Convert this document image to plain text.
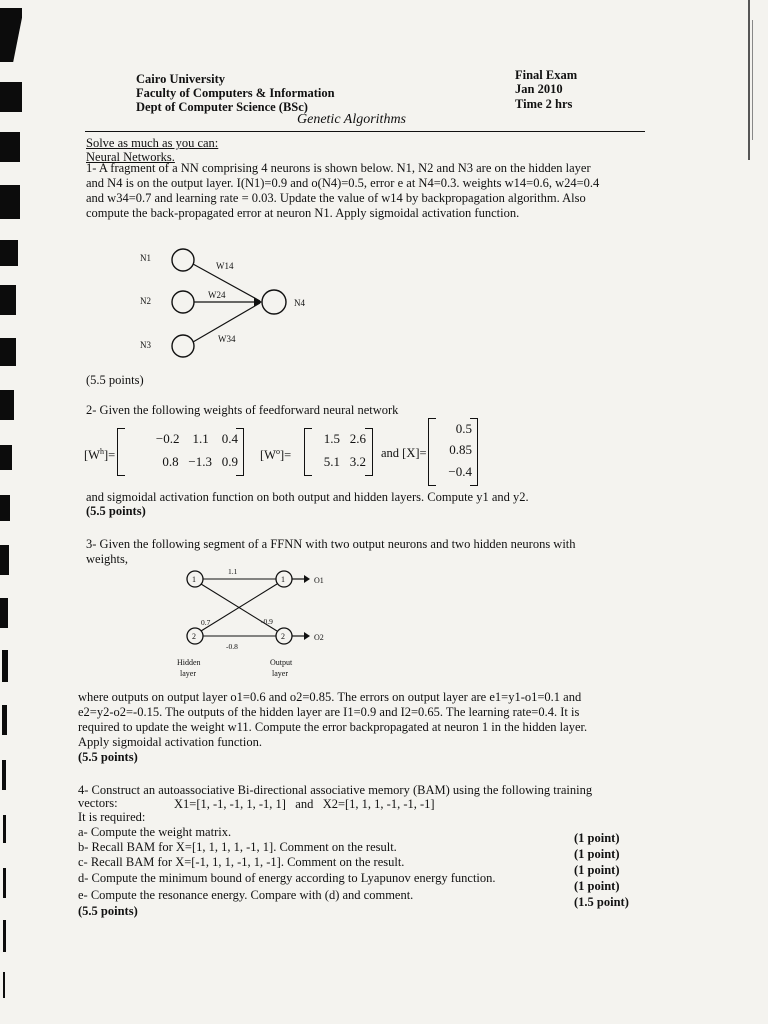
Cairo University
Faculty of Computers & Information
Dept of Computer Science (BSc)
Final Exam
Jan 2010
Time 2 hrs
Genetic Algorithms
Solve as much as you can:
Neural Networks.
1- A fragment of a NN comprising 4 neurons is shown below. N1, N2 and N3 are on the hidden layer
and N4 is on the output layer. I(N1)=0.9 and o(N4)=0.5, error e at N4=0.3. weights w14=0.6, w24=0.4
and w34=0.7 and learning rate = 0.03. Update the value of w14 by backpropagation algorithm. Also
compute the back-propagated error at neuron N1. Apply sigmoidal activation function.
N1
N2
N3
N4
W14
W24
W34
(5.5 points)
2- Given the following weights of feedforward neural network
$[W^h]=$
−0.2    1.1    0.4
0.8   −1.3   0.9 $[W^o]=$
1.5   2.6
5.1   3.2
and [X]=
0.5
0.85
−0.4
and sigmoidal activation function on both output and hidden layers. Compute y1 and y2.
(5.5 points)
3- Given the following segment of a FFNN with two output neurons and two hidden neurons with
weights,
1
2
1
2
O1
O2
1.1
0.7	-0.9
-0.8
Hidden
layer
Output
layer
where outputs on output layer o1=0.6 and o2=0.85. The errors on output layer are e1=y1-o1=0.1 and
e2=y2-o2=-0.15. The outputs of the hidden layer are I1=0.9 and I2=0.65. The learning rate=0.4. It is
required to update the weight w11. Compute the error backpropagated at neuron 1 in the hidden layer.
Apply sigmoidal activation function.
(5.5 points)
4- Construct an autoassociative Bi-directional associative memory (BAM) using the following training
vectors:	X1=[1, -1, -1, 1, -1, 1]   and   X2=[1, 1, 1, -1, -1, -1]
It is required:
a- Compute the weight matrix.	(1 point)
b- Recall BAM for X=[1, 1, 1, 1, -1, 1]. Comment on the result.	(1 point)
c- Recall BAM for X=[-1, 1, 1, -1, 1, -1]. Comment on the result.
(1 point)
d- Compute the minimum bound of energy according to Lyapunov energy function.
(1 point)
e- Compute the resonance energy. Compare with (d) and comment.	(1.5 point)
(5.5 points)
